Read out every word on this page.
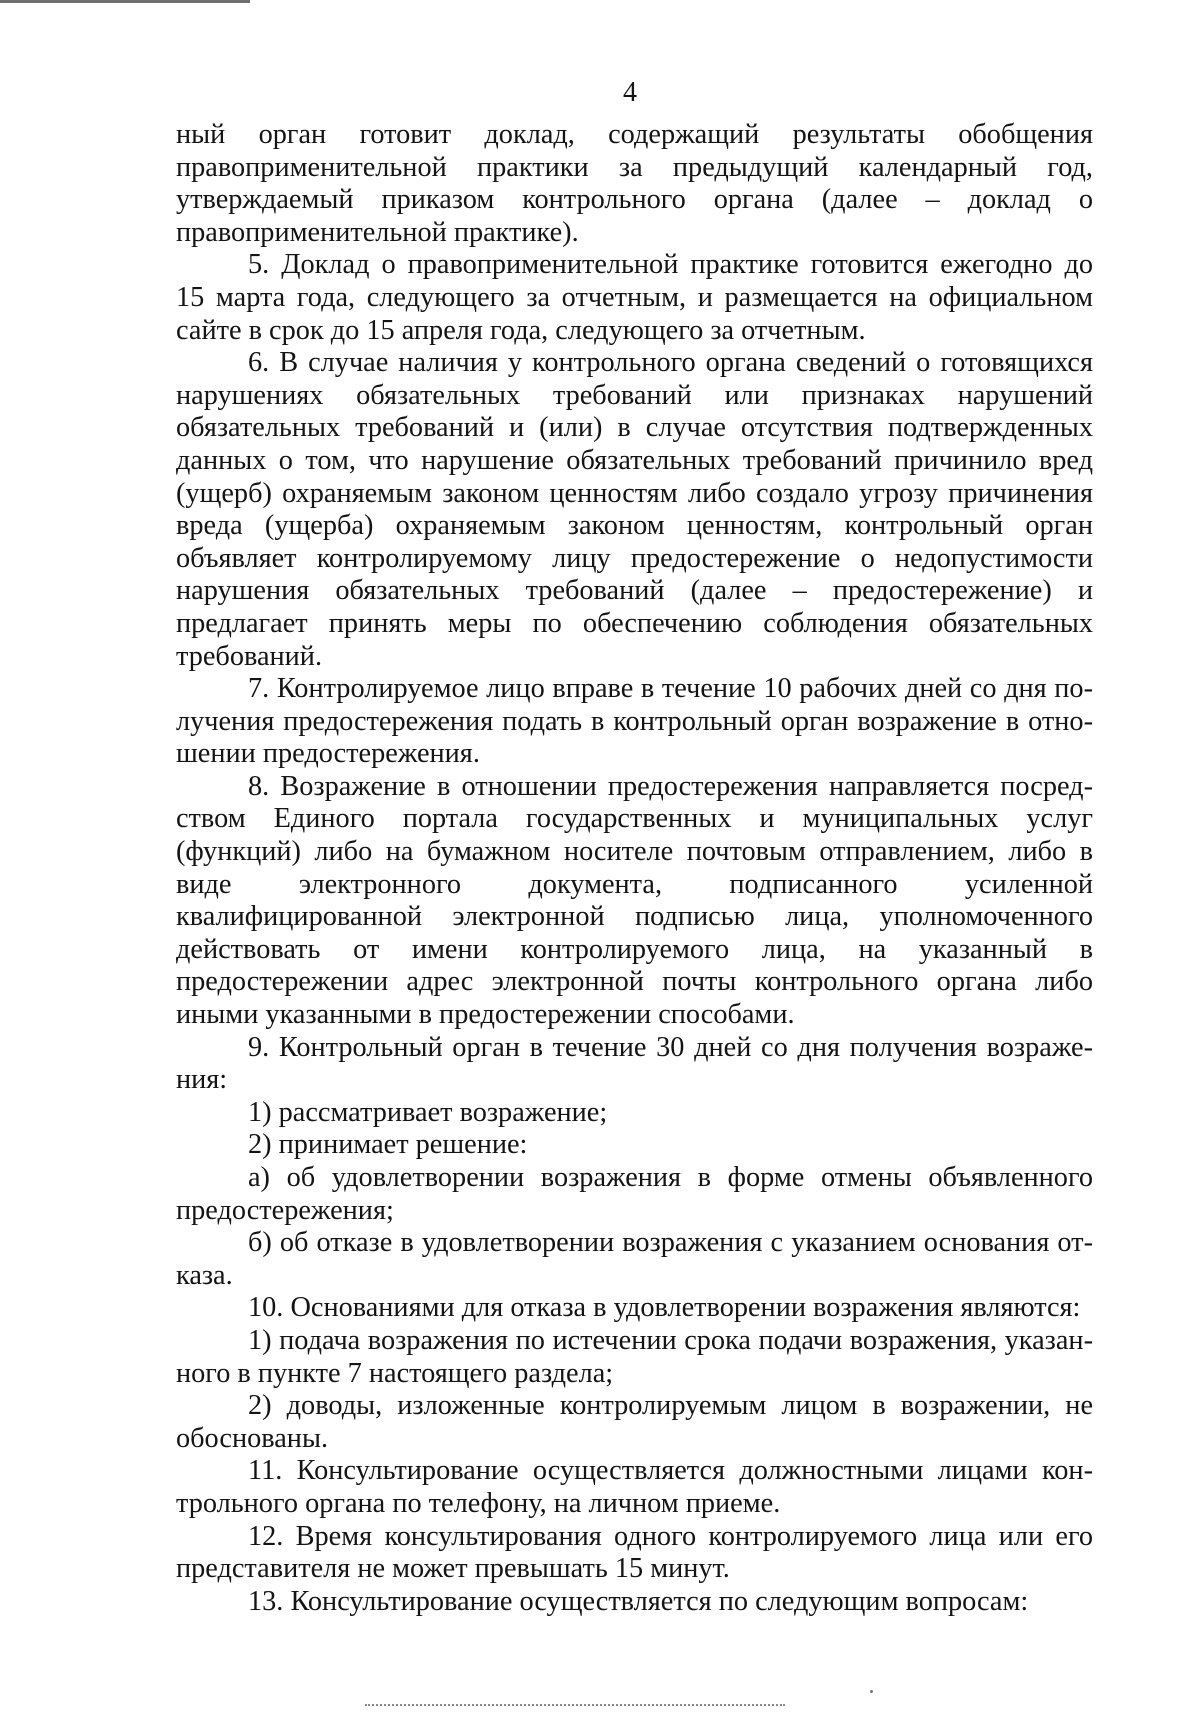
4

ный орган готовит доклад, содержащий результаты обобщения правоприменительной практики за предыдущий календарный год, утверждаемый приказом контрольного органа (далее – доклад о правоприменительной практике).

5. Доклад о правоприменительной практике готовится ежегодно до 15 марта года, следующего за отчетным, и размещается на официальном сайте в срок до 15 апреля года, следующего за отчетным.

6. В случае наличия у контрольного органа сведений о готовящихся нарушениях обязательных требований или признаках нарушений обязательных требований и (или) в случае отсутствия подтвержденных данных о том, что нарушение обязательных требований причинило вред (ущерб) охраняемым законом ценностям либо создало угрозу причинения вреда (ущерба) охраняемым законом ценностям, контрольный орган объявляет контролируемому лицу предостережение о недопустимости нарушения обязательных требований (далее – предостережение) и предлагает принять меры по обеспечению соблюдения обязательных требований.

7. Контролируемое лицо вправе в течение 10 рабочих дней со дня получения предостережения подать в контрольный орган возражение в отношении предостережения.

8. Возражение в отношении предостережения направляется посредством Единого портала государственных и муниципальных услуг (функций) либо на бумажном носителе почтовым отправлением, либо в виде электронного документа, подписанного усиленной квалифицированной электронной подписью лица, уполномоченного действовать от имени контролируемого лица, на указанный в предостережении адрес электронной почты контрольного органа либо иными указанными в предостережении способами.

9. Контрольный орган в течение 30 дней со дня получения возражения:

1) рассматривает возражение;

2) принимает решение:

а) об удовлетворении возражения в форме отмены объявленного предостережения;

б) об отказе в удовлетворении возражения с указанием основания отказа.

10. Основаниями для отказа в удовлетворении возражения являются:

1) подача возражения по истечении срока подачи возражения, указанного в пункте 7 настоящего раздела;

2) доводы, изложенные контролируемым лицом в возражении, не обоснованы.

11. Консультирование осуществляется должностными лицами контрольного органа по телефону, на личном приеме.

12. Время консультирования одного контролируемого лица или его представителя не может превышать 15 минут.

13. Консультирование осуществляется по следующим вопросам:
